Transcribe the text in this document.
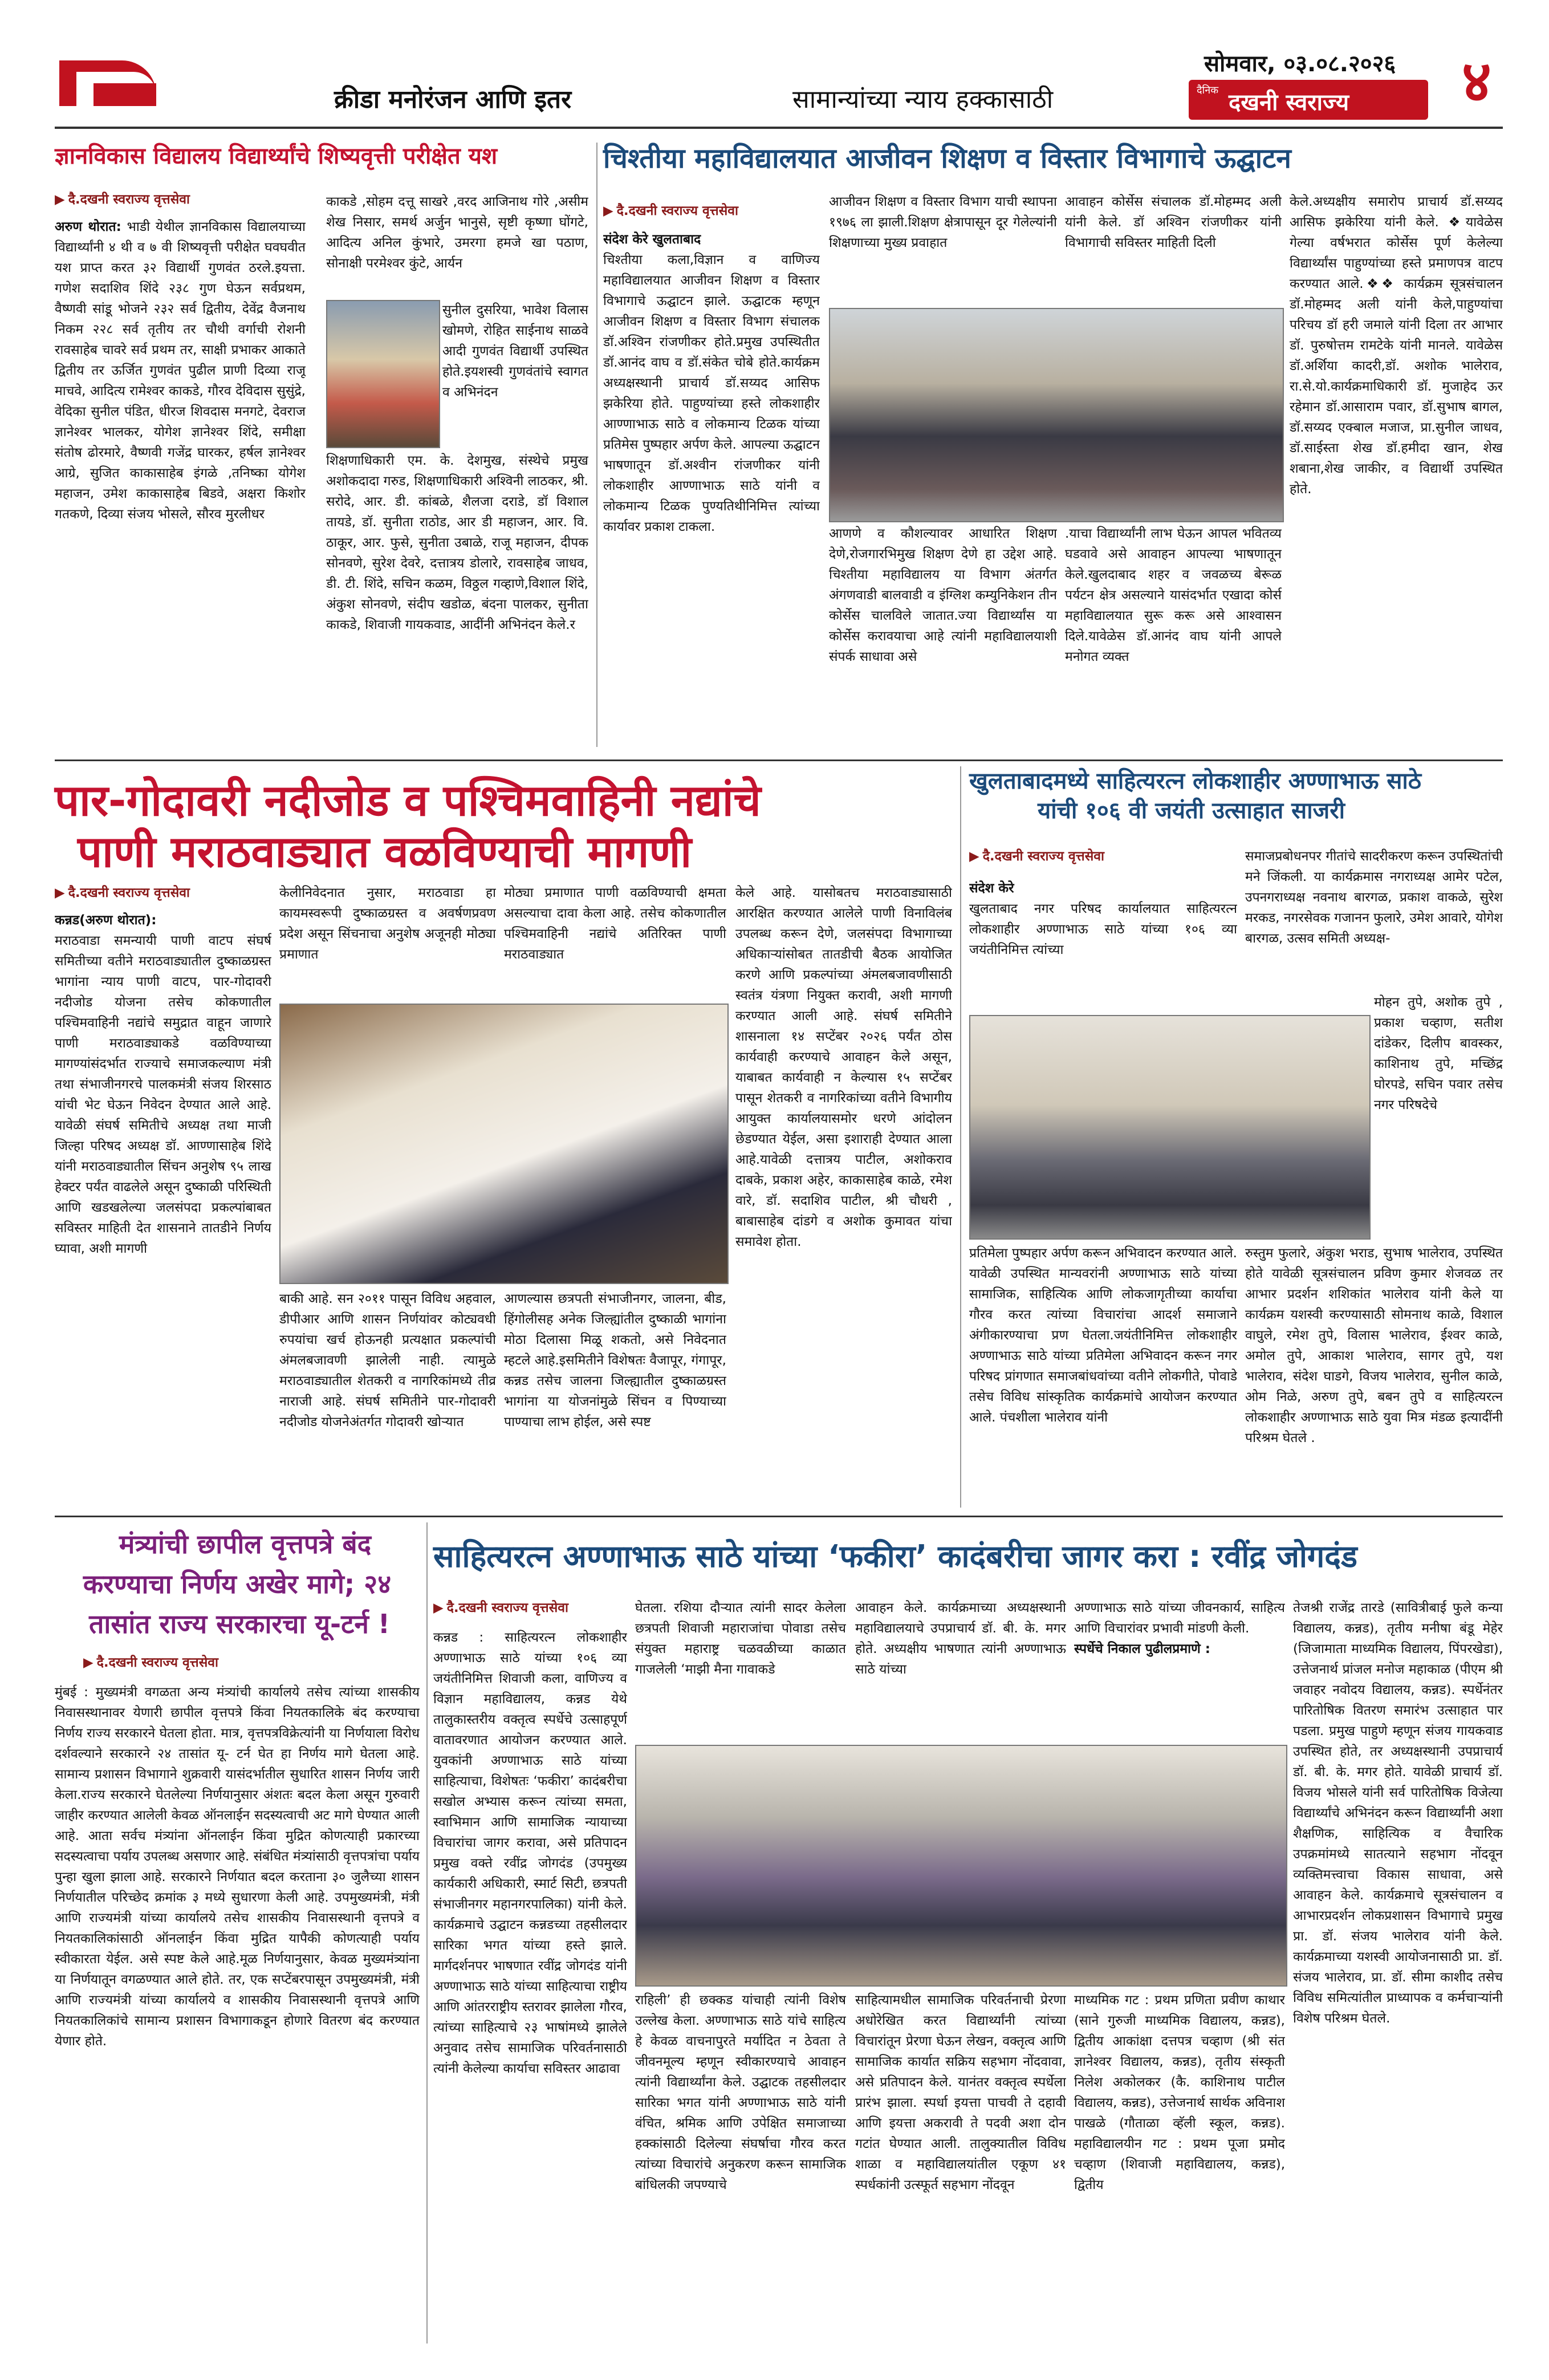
क्रीडा मनोरंजन आणि इतर	सामान्यांच्या न्याय हक्कासाठी
सोमवार, ०३.०८.२०२६
दैनिक दखनी स्वराज्य ४
ज्ञानविकास विद्यालय विद्यार्थ्यांचे शिष्यवृत्ती परीक्षेत यश
▶ दै.दखनी स्वराज्य वृत्तसेवा
अरुण थोरात: भाडी येथील ज्ञानविकास विद्यालयाच्या विद्यार्थ्यांनी ४ थी व ७ वी शिष्यवृत्ती परीक्षेत घवघवीत यश प्राप्त करत ३२ विद्यार्थी गुणवंत ठरले.इयत्ता. गणेश सदाशिव शिंदे २३८ गुण घेऊन सर्वप्रथम, वैष्णवी सांडू भोजने २३२ सर्व द्वितीय, देवेंद्र वैजनाथ निकम २२८ सर्व तृतीय तर चौथी वर्गाची रोशनी रावसाहेब चावरे सर्व प्रथम तर, साक्षी प्रभाकर आकाते द्वितीय तर ऊर्जित गुणवंत पुढील प्राणी दिव्या राजू माचवे, आदित्य रामेश्वर काकडे, गौरव देविदास सुसुंद्रे, वेदिका सुनील पंडित, धीरज शिवदास मनगटे, देवराज ज्ञानेश्वर भालकर, योगेश ज्ञानेश्वर शिंदे, समीक्षा संतोष ढोरमारे, वैष्णवी गजेंद्र घारकर, हर्षल ज्ञानेश्वर आग्रे, सुजित काकासाहेब इंगळे ,तनिष्का योगेश महाजन, उमेश काकासाहेब बिडवे, अक्षरा किशोर गतकणे, दिव्या संजय भोसले, सौरव मुरलीधर
काकडे ,सोहम दत्तू साखरे ,वरद आजिनाथ गोरे ,असीम शेख निसार, समर्थ अर्जुन भानुसे, सृष्टी कृष्णा घोंगटे, आदित्य अनिल कुंभारे, उमरगा हमजे खा पठाण, सोनाक्षी परमेश्वर कुंटे, आर्यन
सुनील दुसरिया, भावेश विलास खोमणे, रोहित साईनाथ साळवे आदी गुणवंत विद्यार्थी उपस्थित होते.इयशस्वी गुणवंतांचे स्वागत व अभिनंदन
शिक्षणाधिकारी एम. के. देशमुख, संस्थेचे प्रमुख अशोकदादा गरुड, शिक्षणाधिकारी अश्विनी लाठकर, श्री. सरोदे, आर. डी. कांबळे, शैलजा दराडे, डॉ विशाल तायडे, डॉ. सुनीता राठोड, आर डी महाजन, आर. वि. ठाकूर, आर. फुसे, सुनीता उबाळे, राजू महाजन, दीपक सोनवणे, सुरेश देवरे, दत्तात्रय डोलारे, रावसाहेब जाधव, डी. टी. शिंदे, सचिन कळम, विठ्ठल गव्हाणे,विशाल शिंदे, अंकुश सोनवणे, संदीप खडोळ, बंदना पालकर, सुनीता काकडे, शिवाजी गायकवाड, आदींनी अभिनंदन केले.र
चिश्तीया महाविद्यालयात आजीवन शिक्षण व विस्तार विभागाचे ऊद्घाटन
▶ दै.दखनी स्वराज्य वृत्तसेवा
संदेश केरे खुलताबाद
चिश्तीया कला,विज्ञान व वाणिज्य महाविद्यालयात आजीवन शिक्षण व विस्तार विभागाचे ऊद्घाटन झाले. ऊद्घाटक म्हणून आजीवन शिक्षण व विस्तार विभाग संचालक डॉ.अश्विन रांजणीकर होते.प्रमुख उपस्थितीत डॉ.आनंद वाघ व डॉ.संकेत चोबे होते.कार्यक्रम अध्यक्षस्थानी प्राचार्य डॉ.सय्यद आसिफ झकेरिया होते. पाहुण्यांच्या हस्ते लोकशाहीर आण्णाभाऊ साठे व लोकमान्य टिळक यांच्या प्रतिमेस पुष्पहार अर्पण केले. आपल्या ऊद्घाटन भाषणातून डॉ.अश्वीन रांजणीकर यांनी लोकशाहीर आण्णाभाऊ साठे यांनी व लोकमान्य टिळक पुण्यतिथीनिमित्त त्यांच्या कार्यावर प्रकाश टाकला.
आजीवन शिक्षण व विस्तार विभाग याची स्थापना १९७६ ला झाली.शिक्षण क्षेत्रापासून दूर गेलेल्यांनी शिक्षणाच्या मुख्य प्रवाहात
आवाहन कोर्सेस संचालक डॉ.मोहम्मद अली यांनी केले. डॉ अश्विन रांजणीकर यांनी विभागाची सविस्तर माहिती दिली
आणणे व कौशल्यावर आधारित शिक्षण देणे,रोजगारभिमुख शिक्षण देणे हा उद्देश आहे. चिश्तीया महाविद्यालय या विभाग अंतर्गत अंगणवाडी बालवाडी व इंग्लिश कम्युनिकेशन तीन कोर्सेस चालविले जातात.ज्या विद्यार्थ्यांस या कोर्सेस करावयाचा आहे त्यांनी महाविद्यालयाशी संपर्क साधावा असे
.याचा विद्यार्थ्यांनी लाभ घेऊन आपल भवितव्य घडवावे असे आवाहन आपल्या भाषणातून केले.खुलदाबाद शहर व जवळच्य बेरूळ पर्यटन क्षेत्र असल्याने यासंदर्भात एखादा कोर्स महाविद्यालयात सुरू करू असे आश्वासन दिले.यावेळेस डॉ.आनंद वाघ यांनी आपले मनोगत व्यक्त
केले.अध्यक्षीय समारोप प्राचार्य डॉ.सय्यद आसिफ झकेरिया यांनी केले. ❖यावेळेस गेल्या वर्षभरात कोर्सेस पूर्ण केलेल्या विद्यार्थ्यांस पाहुण्यांच्या हस्ते प्रमाणपत्र वाटप करण्यात आले.❖❖ कार्यक्रम सूत्रसंचालन डॉ.मोहम्मद अली यांनी केले,पाहुण्यांचा परिचय डॉ हरी जमाले यांनी दिला तर आभार डॉ. पुरुषोत्तम रामटेके यांनी मानले. यावेळेस डॉ.अर्शिया कादरी,डॉ. अशोक भालेराव, रा.से.यो.कार्यक्रमाधिकारी डॉ. मुजाहेद ऊर रहेमान डॉ.आसाराम पवार, डॉ.सुभाष बागल, डॉ.सय्यद एक्बाल मजाज, प्रा.सुनील जाधव, डॉ.साईस्ता शेख डॉ.हमीदा खान, शेख शबाना,शेख जाकीर, व विद्यार्थी उपस्थित होते.
पार-गोदावरी नदीजोड व पश्चिमवाहिनी नद्यांचे
पाणी मराठवाड्यात वळविण्याची मागणी
▶ दै.दखनी स्वराज्य वृत्तसेवा
कन्नड(अरुण थोरात):
मराठवाडा समन्यायी पाणी वाटप संघर्ष समितीच्या वतीने मराठवाड्यातील दुष्काळग्रस्त भागांना न्याय पाणी वाटप, पार-गोदावरी नदीजोड योजना तसेच कोकणातील पश्चिमवाहिनी नद्यांचे समुद्रात वाहून जाणारे पाणी मराठवाड्याकडे वळविण्याच्या मागण्यांसंदर्भात राज्याचे समाजकल्याण मंत्री तथा संभाजीनगरचे पालकमंत्री संजय शिरसाठ यांची भेट घेऊन निवेदन देण्यात आले आहे. यावेळी संघर्ष समितीचे अध्यक्ष तथा माजी जिल्हा परिषद अध्यक्ष डॉ. आण्णासाहेब शिंदे यांनी मराठवाड्यातील सिंचन अनुशेष ९५ लाख हेक्टर पर्यंत वाढलेले असून दुष्काळी परिस्थिती आणि खडखलेल्या जलसंपदा प्रकल्पांबाबत सविस्तर माहिती देत शासनाने तातडीने निर्णय घ्यावा, अशी मागणी
केलीनिवेदनात नुसार, मराठवाडा हा कायमस्वरूपी दुष्काळग्रस्त व अवर्षणप्रवण प्रदेश असून सिंचनाचा अनुशेष अजूनही मोठ्या प्रमाणात
मोठ्या प्रमाणात पाणी वळविण्याची क्षमता असल्याचा दावा केला आहे. तसेच कोकणातील पश्चिमवाहिनी नद्यांचे अतिरिक्त पाणी मराठवाड्यात
बाकी आहे. सन २०११ पासून विविध अहवाल, डीपीआर आणि शासन निर्णयांवर कोट्यवधी रुपयांचा खर्च होऊनही प्रत्यक्षात प्रकल्पांची अंमलबजावणी झालेली नाही. त्यामुळे मराठवाड्यातील शेतकरी व नागरिकांमध्ये तीव्र नाराजी आहे. संघर्ष समितीने पार-गोदावरी नदीजोड योजनेअंतर्गत गोदावरी खोऱ्यात
आणल्यास छत्रपती संभाजीनगर, जालना, बीड, हिंगोलीसह अनेक जिल्ह्यांतील दुष्काळी भागांना मोठा दिलासा मिळू शकतो, असे निवेदनात म्हटले आहे.इसमितीने विशेषतः वैजापूर, गंगापूर, कन्नड तसेच जालना जिल्ह्यातील दुष्काळग्रस्त भागांना या योजनांमुळे सिंचन व पिण्याच्या पाण्याचा लाभ होईल, असे स्पष्ट
केले आहे. यासोबतच मराठवाड्यासाठी आरक्षित करण्यात आलेले पाणी विनाविलंब उपलब्ध करून देणे, जलसंपदा विभागाच्या अधिकाऱ्यांसोबत तातडीची बैठक आयोजित करणे आणि प्रकल्पांच्या अंमलबजावणीसाठी स्वतंत्र यंत्रणा नियुक्त करावी, अशी मागणी करण्यात आली आहे. संघर्ष समितीने शासनाला १४ सप्टेंबर २०२६ पर्यंत ठोस कार्यवाही करण्याचे आवाहन केले असून, याबाबत कार्यवाही न केल्यास १५ सप्टेंबर पासून शेतकरी व नागरिकांच्या वतीने विभागीय आयुक्त कार्यालयासमोर धरणे आंदोलन छेडण्यात येईल, असा इशाराही देण्यात आला आहे.यावेळी दत्तात्रय पाटील, अशोकराव दाबके, प्रकाश अहेर, काकासाहेब काळे, रमेश वारे, डॉ. सदाशिव पाटील, श्री चौधरी , बाबासाहेब दांडगे व अशोक कुमावत यांचा समावेश होता.
खुलताबादमध्ये साहित्यरत्न लोकशाहीर अण्णाभाऊ साठे
यांची १०६ वी जयंती उत्साहात साजरी
▶ दै.दखनी स्वराज्य वृत्तसेवा
संदेश केरे
खुलताबाद नगर परिषद कार्यालयात साहित्यरत्न लोकशाहीर अण्णाभाऊ साठे यांच्या १०६ व्या जयंतीनिमित्त त्यांच्या
समाजप्रबोधनपर गीतांचे सादरीकरण करून उपस्थितांची मने जिंकली. या कार्यक्रमास नगराध्यक्ष आमेर पटेल, उपनगराध्यक्ष नवनाथ बारगळ, प्रकाश वाकळे, सुरेश मरकड, नगरसेवक गजानन फुलारे, उमेश आवारे, योगेश बारगळ, उत्सव समिती अध्यक्ष-
मोहन तुपे, अशोक तुपे , प्रकाश चव्हाण, सतीश दांडेकर, दिलीप बावस्कर, काशिनाथ तुपे, मच्छिंद्र घोरपडे, सचिन पवार तसेच नगर परिषदेचे
प्रतिमेला पुष्पहार अर्पण करून अभिवादन करण्यात आले. यावेळी उपस्थित मान्यवरांनी अण्णाभाऊ साठे यांच्या सामाजिक, साहित्यिक आणि लोकजागृतीच्या कार्याचा गौरव करत त्यांच्या विचारांचा आदर्श समाजाने अंगीकारण्याचा प्रण घेतला.जयंतीनिमित्त लोकशाहीर अण्णाभाऊ साठे यांच्या प्रतिमेला अभिवादन करून नगर परिषद प्रांगणात समाजबांधवांच्या वतीने लोकगीते, पोवाडे तसेच विविध सांस्कृतिक कार्यक्रमांचे आयोजन करण्यात आले. पंचशीला भालेराव यांनी
रुस्तुम फुलारे, अंकुश भराड, सुभाष भालेराव, उपस्थित होते यावेळी सूत्रसंचालन प्रविण कुमार शेजवळ तर आभार प्रदर्शन शशिकांत भालेराव यांनी केले या कार्यक्रम यशस्वी करण्यासाठी सोमनाथ काळे, विशाल वाघुले, रमेश तुपे, विलास भालेराव, ईश्वर काळे, अमोल तुपे, आकाश भालेराव, सागर तुपे, यश भालेराव, संदेश घाडगे, विजय भालेराव, सुनील काळे, ओम निळे, अरुण तुपे, बबन तुपे व साहित्यरत्न लोकशाहीर अण्णाभाऊ साठे युवा मित्र मंडळ इत्यादींनी परिश्रम घेतले .
मंत्र्यांची छापील वृत्तपत्रे बंद
करण्याचा निर्णय अखेर मागे; २४
तासांत राज्य सरकारचा यू-टर्न !
▶ दै.दखनी स्वराज्य वृत्तसेवा
मुंबई : मुख्यमंत्री वगळता अन्य मंत्र्यांची कार्यालये तसेच त्यांच्या शासकीय निवासस्थानावर येणारी छापील वृत्तपत्रे किंवा नियतकालिके बंद करण्याचा निर्णय राज्य सरकारने घेतला होता. मात्र, वृत्तपत्रविक्रेत्यांनी या निर्णयाला विरोध दर्शवल्याने सरकारने २४ तासांत यू- टर्न घेत हा निर्णय मागे घेतला आहे. सामान्य प्रशासन विभागाने शुक्रवारी यासंदर्भातील सुधारित शासन निर्णय जारी केला.राज्य सरकारने घेतलेल्या निर्णयानुसार अंशतः बदल केला असून गुरुवारी जाहीर करण्यात आलेली केवळ ऑनलाईन सदस्यत्वाची अट मागे घेण्यात आली आहे. आता सर्वच मंत्र्यांना ऑनलाईन किंवा मुद्रित कोणत्याही प्रकारच्या सदस्यत्वाचा पर्याय उपलब्ध असणार आहे. संबंधित मंत्र्यांसाठी वृत्तपत्रांचा पर्याय पुन्हा खुला झाला आहे. सरकारने निर्णयात बदल करताना ३० जुलैच्या शासन निर्णयातील परिच्छेद क्रमांक ३ मध्ये सुधारणा केली आहे. उपमुख्यमंत्री, मंत्री आणि राज्यमंत्री यांच्या कार्यालये तसेच शासकीय निवासस्थानी वृत्तपत्रे व नियतकालिकांसाठी ऑनलाईन किंवा मुद्रित यापैकी कोणत्याही पर्याय स्वीकारता येईल. असे स्पष्ट केले आहे.मूळ निर्णयानुसार, केवळ मुख्यमंत्र्यांना या निर्णयातून वगळण्यात आले होते. तर, एक सप्टेंबरपासून उपमुख्यमंत्री, मंत्री आणि राज्यमंत्री यांच्या कार्यालये व शासकीय निवासस्थानी वृत्तपत्रे आणि नियतकालिकांचे सामान्य प्रशासन विभागाकडून होणारे वितरण बंद करण्यात येणार होते.
साहित्यरत्न अण्णाभाऊ साठे यांच्या ‘फकीरा’ कादंबरीचा जागर करा : रवींद्र जोगदंड
▶ दै.दखनी स्वराज्य वृत्तसेवा
कन्नड : साहित्यरत्न लोकशाहीर अण्णाभाऊ साठे यांच्या १०६ व्या जयंतीनिमित्त शिवाजी कला, वाणिज्य व विज्ञान महाविद्यालय, कन्नड येथे तालुकास्तरीय वक्तृत्व स्पर्धेचे उत्साहपूर्ण वातावरणात आयोजन करण्यात आले. युवकांनी अण्णाभाऊ साठे यांच्या साहित्याचा, विशेषतः ‘फकीरा’ कादंबरीचा सखोल अभ्यास करून त्यांच्या समता, स्वाभिमान आणि सामाजिक न्यायाच्या विचारांचा जागर करावा, असे प्रतिपादन प्रमुख वक्ते रवींद्र जोगदंड (उपमुख्य कार्यकारी अधिकारी, स्मार्ट सिटी, छत्रपती संभाजीनगर महानगरपालिका) यांनी केले. कार्यक्रमाचे उद्घाटन कन्नडच्या तहसीलदार सारिका भगत यांच्या हस्ते झाले. मार्गदर्शनपर भाषणात रवींद्र जोगदंड यांनी अण्णाभाऊ साठे यांच्या साहित्याचा राष्ट्रीय आणि आंतरराष्ट्रीय स्तरावर झालेला गौरव, त्यांच्या साहित्याचे २३ भाषांमध्ये झालेले अनुवाद तसेच सामाजिक परिवर्तनासाठी त्यांनी केलेल्या कार्याचा सविस्तर आढावा
घेतला. रशिया दौऱ्यात त्यांनी सादर केलेला छत्रपती शिवाजी महाराजांचा पोवाडा तसेच संयुक्त महाराष्ट्र चळवळीच्या काळात गाजलेली ‘माझी मैना गावाकडे
आवाहन केले. कार्यक्रमाच्या अध्यक्षस्थानी महाविद्यालयाचे उपप्राचार्य डॉ. बी. के. मगर होते. अध्यक्षीय भाषणात त्यांनी अण्णाभाऊ साठे यांच्या
अण्णाभाऊ साठे यांच्या जीवनकार्य, साहित्य आणि विचारांवर प्रभावी मांडणी केली.
स्पर्धेचे निकाल पुढीलप्रमाणे :
राहिली’ ही छक्कड यांचाही त्यांनी विशेष उल्लेख केला. अण्णाभाऊ साठे यांचे साहित्य हे केवळ वाचनापुरते मर्यादित न ठेवता ते जीवनमूल्य म्हणून स्वीकारण्याचे आवाहन त्यांनी विद्यार्थ्यांना केले. उद्घाटक तहसीलदार सारिका भगत यांनी अण्णाभाऊ साठे यांनी वंचित, श्रमिक आणि उपेक्षित समाजाच्या हक्कांसाठी दिलेल्या संघर्षाचा गौरव करत त्यांच्या विचारांचे अनुकरण करून सामाजिक बांधिलकी जपण्याचे
साहित्यामधील सामाजिक परिवर्तनाची प्रेरणा अधोरेखित करत विद्यार्थ्यांनी त्यांच्या विचारांतून प्रेरणा घेऊन लेखन, वक्तृत्व आणि सामाजिक कार्यात सक्रिय सहभाग नोंदवावा, असे प्रतिपादन केले. यानंतर वक्तृत्व स्पर्धेला प्रारंभ झाला. स्पर्धा इयत्ता पाचवी ते दहावी आणि इयत्ता अकरावी ते पदवी अशा दोन गटांत घेण्यात आली. तालुक्यातील विविध शाळा व महाविद्यालयांतील एकूण ४१ स्पर्धकांनी उत्स्फूर्त सहभाग नोंदवून
माध्यमिक गट : प्रथम प्रणिता प्रवीण काथार (साने गुरुजी माध्यमिक विद्यालय, कन्नड), द्वितीय आकांक्षा दत्तपत्र चव्हाण (श्री संत ज्ञानेश्वर विद्यालय, कन्नड), तृतीय संस्कृती निलेश अकोलकर (कै. काशिनाथ पाटील विद्यालय, कन्नड), उत्तेजनार्थ सार्थक अविनाश पाखळे (गौताळा व्हॅली स्कूल, कन्नड). महाविद्यालयीन गट : प्रथम पूजा प्रमोद चव्हाण (शिवाजी महाविद्यालय, कन्नड), द्वितीय
तेजश्री राजेंद्र तारडे (सावित्रीबाई फुले कन्या विद्यालय, कन्नड), तृतीय मनीषा बंडू मेहेर (जिजामाता माध्यमिक विद्यालय, पिंपरखेडा), उत्तेजनार्थ प्रांजल मनोज महाकाळ (पीएम श्री जवाहर नवोदय विद्यालय, कन्नड). स्पर्धेनंतर पारितोषिक वितरण समारंभ उत्साहात पार पडला. प्रमुख पाहुणे म्हणून संजय गायकवाड उपस्थित होते, तर अध्यक्षस्थानी उपप्राचार्य डॉ. बी. के. मगर होते. यावेळी प्राचार्य डॉ. विजय भोसले यांनी सर्व पारितोषिक विजेत्या विद्यार्थ्यांचे अभिनंदन करून विद्यार्थ्यांनी अशा शैक्षणिक, साहित्यिक व वैचारिक उपक्रमांमध्ये सातत्याने सहभाग नोंदवून व्यक्तिमत्त्वाचा विकास साधावा, असे आवाहन केले. कार्यक्रमाचे सूत्रसंचालन व आभारप्रदर्शन लोकप्रशासन विभागाचे प्रमुख प्रा. डॉ. संजय भालेराव यांनी केले. कार्यक्रमाच्या यशस्वी आयोजनासाठी प्रा. डॉ. संजय भालेराव, प्रा. डॉ. सीमा काशीद तसेच विविध समित्यांतील प्राध्यापक व कर्मचाऱ्यांनी विशेष परिश्रम घेतले.
